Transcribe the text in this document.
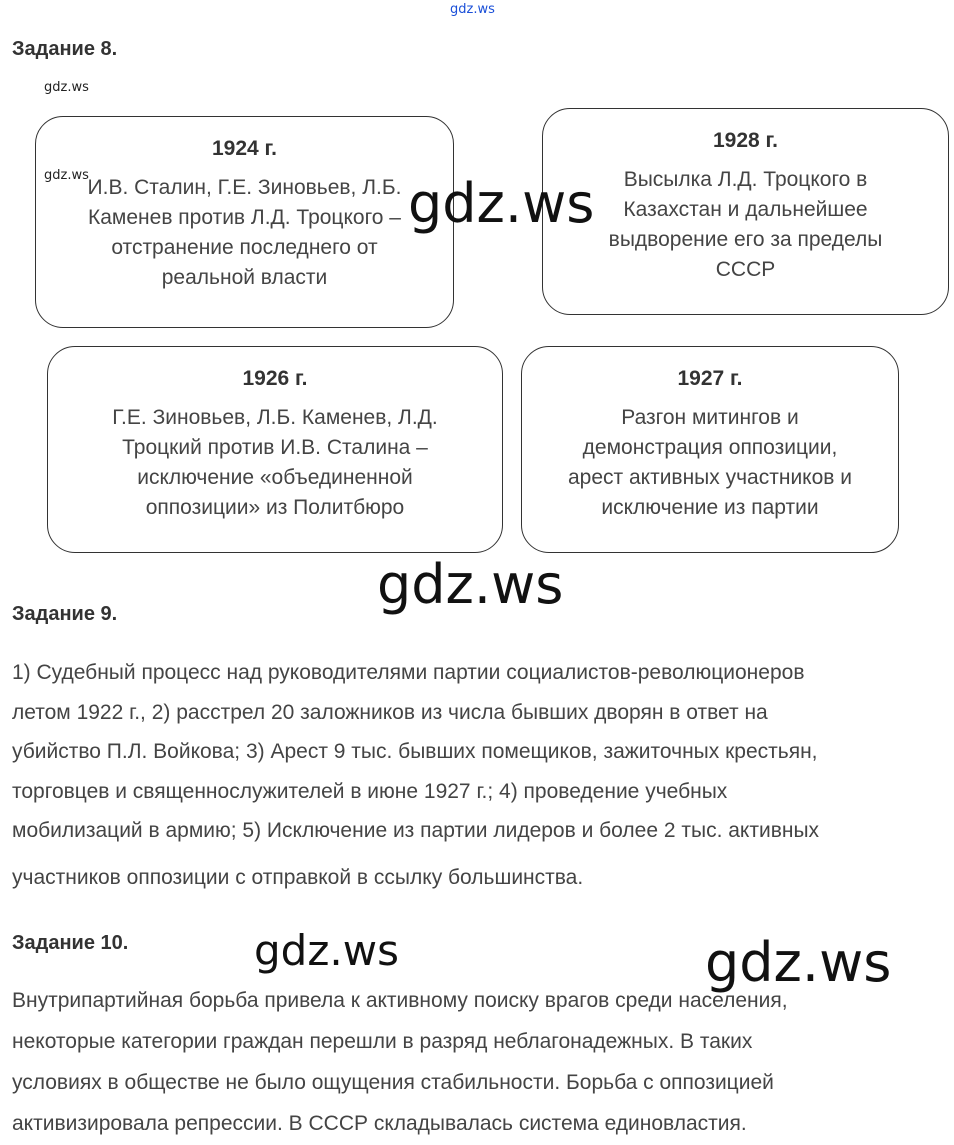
gdz.ws
Задание 8.
gdz.ws
1924 г.
И.В. Сталин, Г.Е. Зиновьев, Л.Б.
Каменев против Л.Д. Троцкого –
отстранение последнего от
реальной власти
gdz.ws
1928 г.
Высылка Л.Д. Троцкого в
Казахстан и дальнейшее
выдворение его за пределы
СССР
1926 г.
Г.Е. Зиновьев, Л.Б. Каменев, Л.Д.
Троцкий против И.В. Сталина –
исключение «объединенной
оппозиции» из Политбюро
1927 г.
Разгон митингов и
демонстрация оппозиции,
арест активных участников и
исключение из партии
gdz.ws
gdz.ws
Задание 9.
1) Судебный процесс над руководителями партии социалистов-революционеров
летом 1922 г., 2) расстрел 20 заложников из числа бывших дворян в ответ на
убийство П.Л. Войкова; 3) Арест 9 тыс. бывших помещиков, зажиточных крестьян,
торговцев и священнослужителей в июне 1927 г.; 4) проведение учебных
мобилизаций в армию; 5) Исключение из партии лидеров и более 2 тыс. активных
участников оппозиции с отправкой в ссылку большинства.
Задание 10.	gdz.ws	gdz.ws
Внутрипартийная борьба привела к активному поиску врагов среди населения,
некоторые категории граждан перешли в разряд неблагонадежных. В таких
условиях в обществе не было ощущения стабильности. Борьба с оппозицией
активизировала репрессии. В СССР складывалась система единовластия.
